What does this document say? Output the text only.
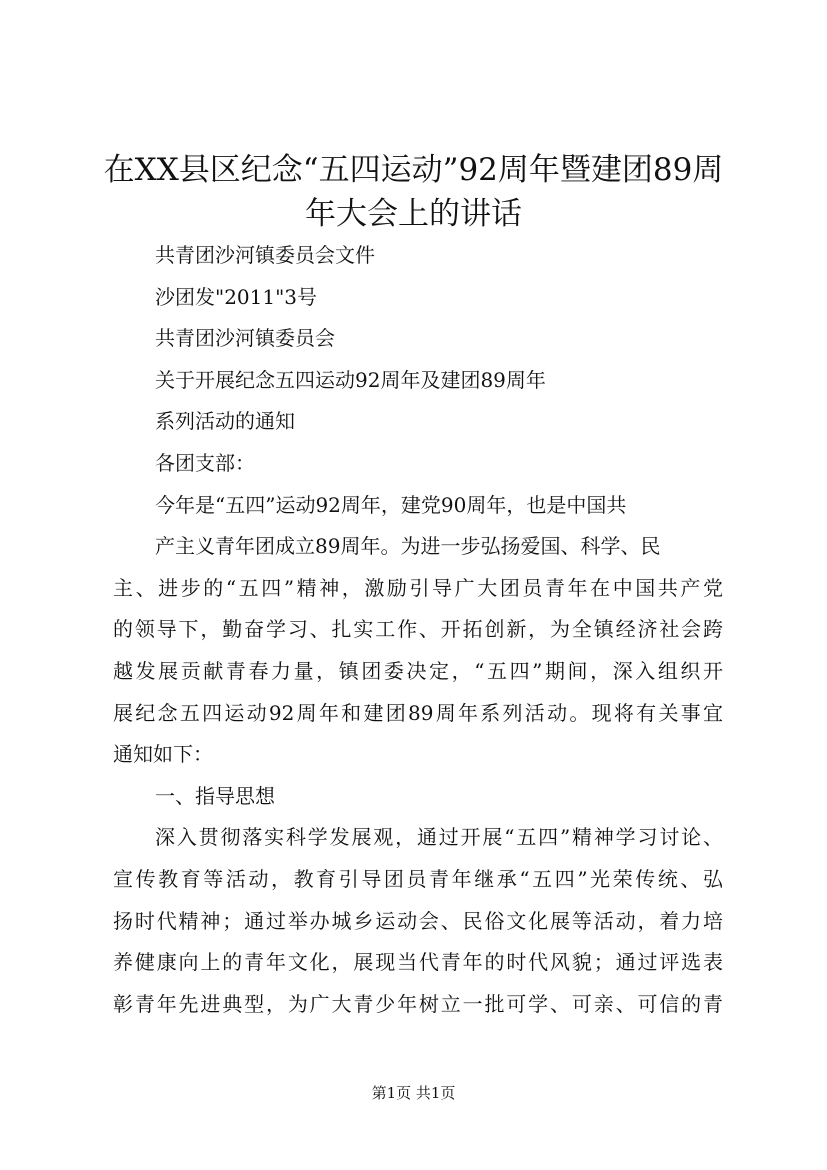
在XX县区纪念“五四运动”92周年暨建团89周年大会上的讲话

共青团沙河镇委员会文件

沙团发"2011"3号

共青团沙河镇委员会

关于开展纪念五四运动92周年及建团89周年

系列活动的通知

各团支部：

今年是“五四”运动92周年，建党90周年，也是中国共

产主义青年团成立89周年。为进一步弘扬爱国、科学、民

主、进步的“五四”精神，激励引导广大团员青年在中国共产党

的领导下，勤奋学习、扎实工作、开拓创新，为全镇经济社会跨

越发展贡献青春力量，镇团委决定，“五四”期间，深入组织开

展纪念五四运动92周年和建团89周年系列活动。现将有关事宜

通知如下：

一、指导思想

深入贯彻落实科学发展观，通过开展“五四”精神学习讨论、

宣传教育等活动，教育引导团员青年继承“五四”光荣传统、弘

扬时代精神；通过举办城乡运动会、民俗文化展等活动，着力培

养健康向上的青年文化，展现当代青年的时代风貌；通过评选表

彰青年先进典型，为广大青少年树立一批可学、可亲、可信的青

第1页 共1页
